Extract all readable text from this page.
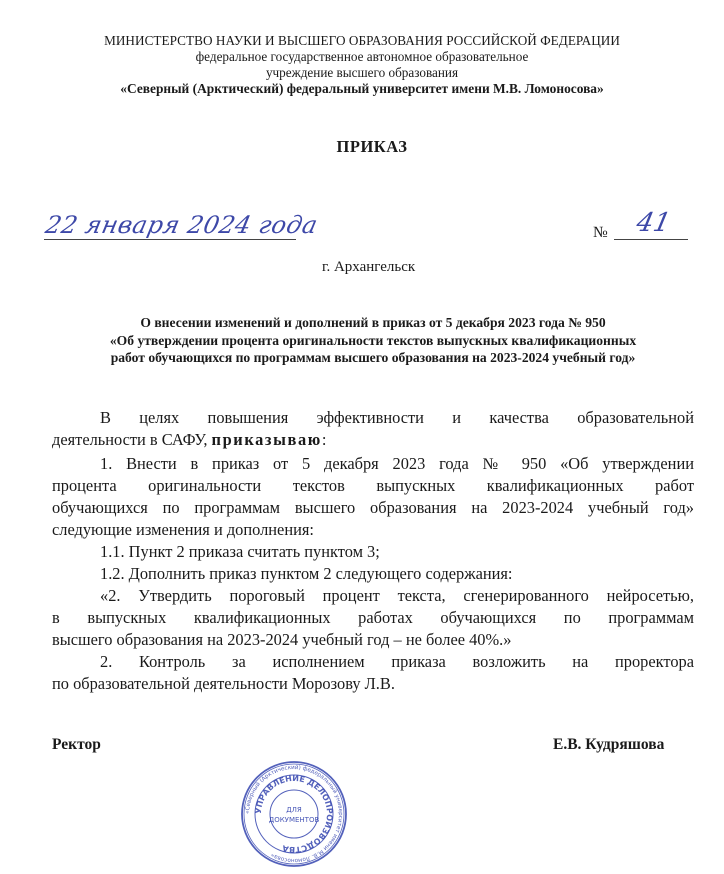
МИНИСТЕРСТВО НАУКИ И ВЫСШЕГО ОБРАЗОВАНИЯ РОССИЙСКОЙ ФЕДЕРАЦИИ
федеральное государственное автономное образовательное
учреждение высшего образования
«Северный (Арктический) федеральный университет имени М.В. Ломоносова»
ПРИКАЗ
22 января 2024 года	№ 41
г. Архангельск
О внесении изменений и дополнений в приказ от 5 декабря 2023 года № 950
«Об утверждении процента оригинальности текстов выпускных квалификационных
работ обучающихся по программам высшего образования на 2023-2024 учебный год»
В целях повышения эффективности и качества образовательной
деятельности в САФУ, приказываю:
1. Внести в приказ от 5 декабря 2023 года № 950 «Об утверждении
процента оригинальности текстов выпускных квалификационных работ
обучающихся по программам высшего образования на 2023-2024 учебный год»
следующие изменения и дополнения:
1.1. Пункт 2 приказа считать пунктом 3;
1.2. Дополнить приказ пунктом 2 следующего содержания:
«2. Утвердить пороговый процент текста, сгенерированного нейросетью,
в выпускных квалификационных работах обучающихся по программам
высшего образования на 2023-2024 учебный год – не более 40%.»
2. Контроль за исполнением приказа возложить на проректора
по образовательной деятельности Морозову Л.В.
Ректор	Е.В. Кудряшова
«Северный (Арктический) федеральный университет имени М.В. Ломоносова»
УПРАВЛЕНИЕ ДЕЛОПРОИЗВОДСТВА
ДЛЯ
ДОКУМЕНТОВ
